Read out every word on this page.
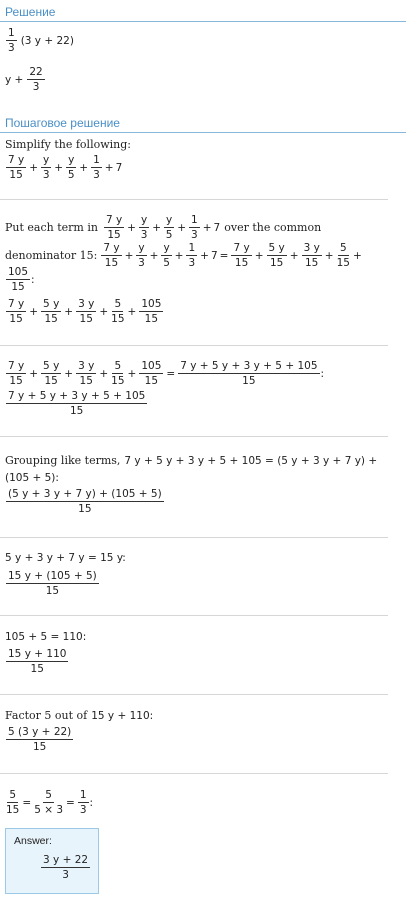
Решение
$\frac{1}{3} (3$ y + 22)
$y + \frac{22}{3}$
Пошаговое решение
Simplify the following:
$\frac{7 y}{15} + \frac{y}{3} + \frac{y}{5} + \frac{1}{3} + 7$
Put each term in $\frac{7 y}{15} + \frac{y}{3} + \frac{y}{5} + \frac{1}{3} + 7$ over the common
denominator 15: $\frac{7 y}{15} + \frac{y}{3} + \frac{y}{5} + \frac{1}{3} + 7 = \frac{7 y}{15} + \frac{5 y}{15} + \frac{3 y}{15} + \frac{5}{15}$ +
$\frac{105}{15}$ :
$\frac{7 y}{15} + \frac{5 y}{15} + \frac{3 y}{15} + \frac{5}{15} + \frac{105}{15}$
$\frac{7 y}{15} + \frac{5 y}{15} + \frac{3 y}{15} + \frac{5}{15} + \frac{105}{15} = \frac{7 y + 5 y + 3 y + 5 + 105}{15}$ :
$\frac{7 y + 5 y + 3 y + 5 + 105}{15}$
Grouping like terms, 7 y + 5 y + 3 y + 5 + 105 = (5 y + 3 y + 7 y) +
(105 + 5):
$\frac{(5 y + 3 y + 7 y) + (105 + 5)}{15}$
5 y + 3 y + 7 y = 15 y:
$\frac{15 y + (105 + 5)}{15}$
105 + 5 = 110:
$\frac{15 y + 110}{15}$
Factor 5 out of 15 y + 110:
$\frac{5 (3 y + 22)}{15}$
$\frac{5}{15} = \frac{5}{5 \times 3} = \frac{1}{3}$ :
Answer:
$\frac{3 y + 22}{3}$
